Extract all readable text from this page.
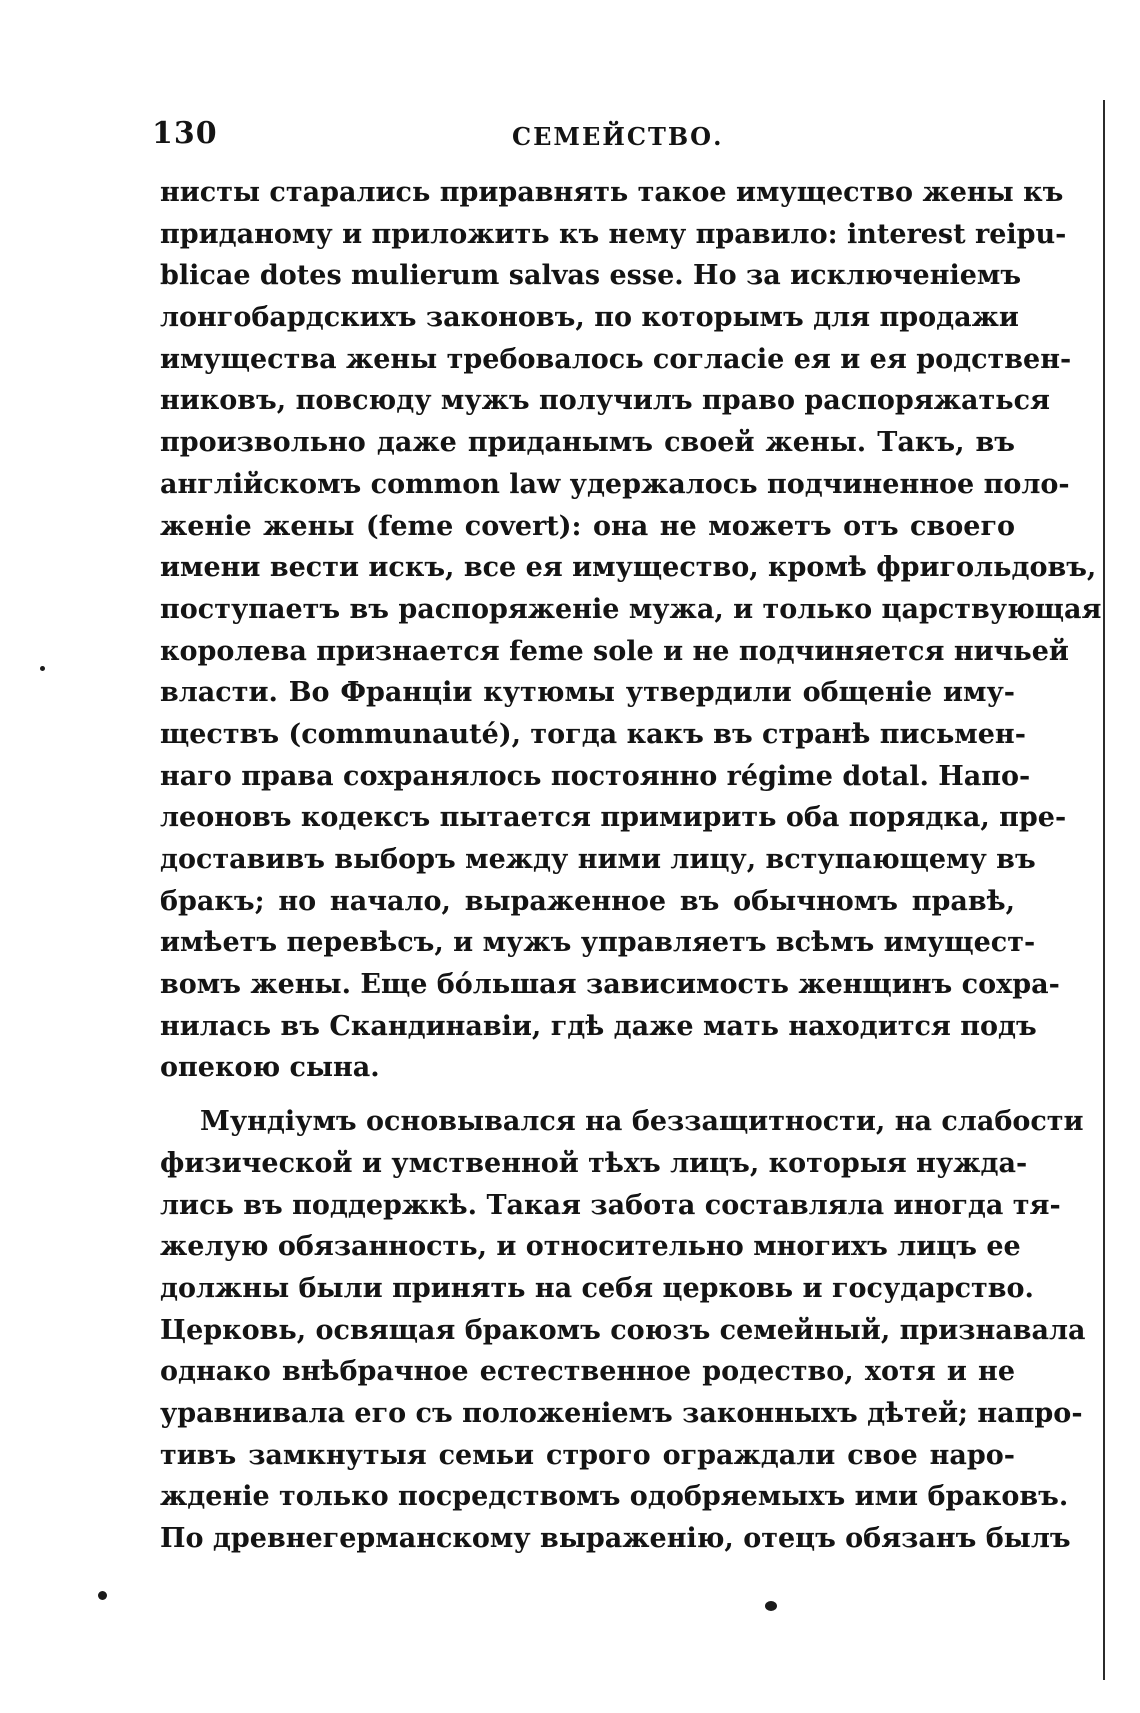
130	СЕМЕЙСТВО.
нисты старались приравнять такое имущество жены къ
приданому и приложить къ нему правило: interest reipu-
blicae dotes mulierum salvas esse. Но за исключеніемъ
лонгобардскихъ законовъ, по которымъ для продажи
имущества жены требовалось согласіе ея и ея родствен-
никовъ, повсюду мужъ получилъ право распоряжаться
произвольно даже приданымъ своей жены. Такъ, въ
англійскомъ common law удержалось подчиненное поло-
женіе жены (feme covert): она не можетъ отъ своего
имени вести искъ, все ея имущество, кромѣ фригольдовъ,
поступаетъ въ распоряженіе мужа, и только царствующая
королева признается feme sole и не подчиняется ничьей
власти. Во Франціи кутюмы утвердили общеніе иму-
ществъ (communauté), тогда какъ въ странѣ письмен-
наго права сохранялось постоянно régime dotal. Напо-
леоновъ кодексъ пытается примирить оба порядка, пре-
доставивъ выборъ между ними лицу, вступающему въ
бракъ; но начало, выраженное въ обычномъ правѣ,
имѣетъ перевѣсъ, и мужъ управляетъ всѣмъ имущест-
вомъ жены. Еще бóльшая зависимость женщинъ сохра-
нилась въ Скандинавіи, гдѣ даже мать находится подъ
опекою сына.
Мундіумъ основывался на беззащитности, на слабости
физической и умственной тѣхъ лицъ, которыя нужда-
лись въ поддержкѣ. Такая забота составляла иногда тя-
желую обязанность, и относительно многихъ лицъ ее
должны были принять на себя церковь и государство.
Церковь, освящая бракомъ союзъ семейный, признавала
однако внѣбрачное естественное родество, хотя и не
уравнивала его съ положеніемъ законныхъ дѣтей; напро-
тивъ замкнутыя семьи строго ограждали свое наро-
жденіе только посредствомъ одобряемыхъ ими браковъ.
По древнегерманскому выраженію, отецъ обязанъ былъ
